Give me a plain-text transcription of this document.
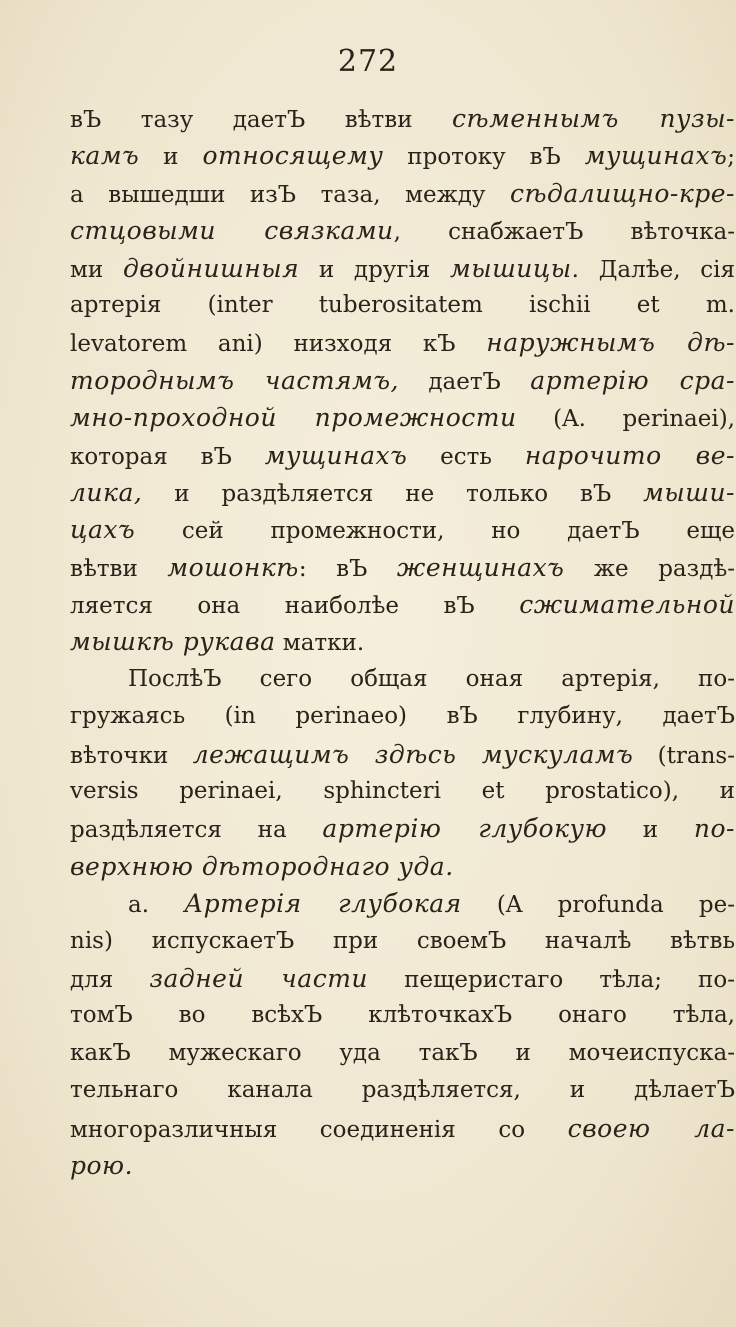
272
вЪ тазу даетЪ вѣтви сѣменнымъ пузы-
камъ и относящему протоку вЪ мущинахъ;
а вышедши изЪ таза, между сѣдалищно-крe-
стцовыми связками, снабжаетЪ вѣточка-
ми двойнишныя и другія мышицы. Далѣе, сія
артерія (inter tuberositatem ischii et m.
levatorem ani) низходя кЪ наружнымъ дѣ-
тороднымъ частямъ, даетЪ артерію сра-
мно-проходной промежности (A. perinaei),
которая вЪ мущинахъ есть нарочито ве-
лика, и раздѣляется не только вЪ мыши-
цахъ сей промежности, но даетЪ еще
вѣтви мошонкѣ: вЪ женщинахъ же раздѣ-
ляется она наиболѣе вЪ сжимательной
мышкѣ рукава матки.
ПослѣЪ сего общая оная артерія, по-
гружаясь (in perinaeo) вЪ глубину, даетЪ
вѣточки лежащимъ здѣсь мускуламъ (trans-
versis perinaei, sphincteri et prostatico), и
раздѣляется на артерію глубокую и по-
верхнюю дѣтороднаго уда.
а. Артерія глубокая (A profunda pe-
nis) испускаетЪ при своемЪ началѣ вѣтвь
для задней части пещеристаго тѣла; по-
томЪ во всѣхЪ клѣточкахЪ онаго тѣла,
какЪ мужескаго уда такЪ и мочеиспуска-
тельнаго канала раздѣляется, и дѣлаетЪ
многоразличныя соединенія со своею ла-
рою.
